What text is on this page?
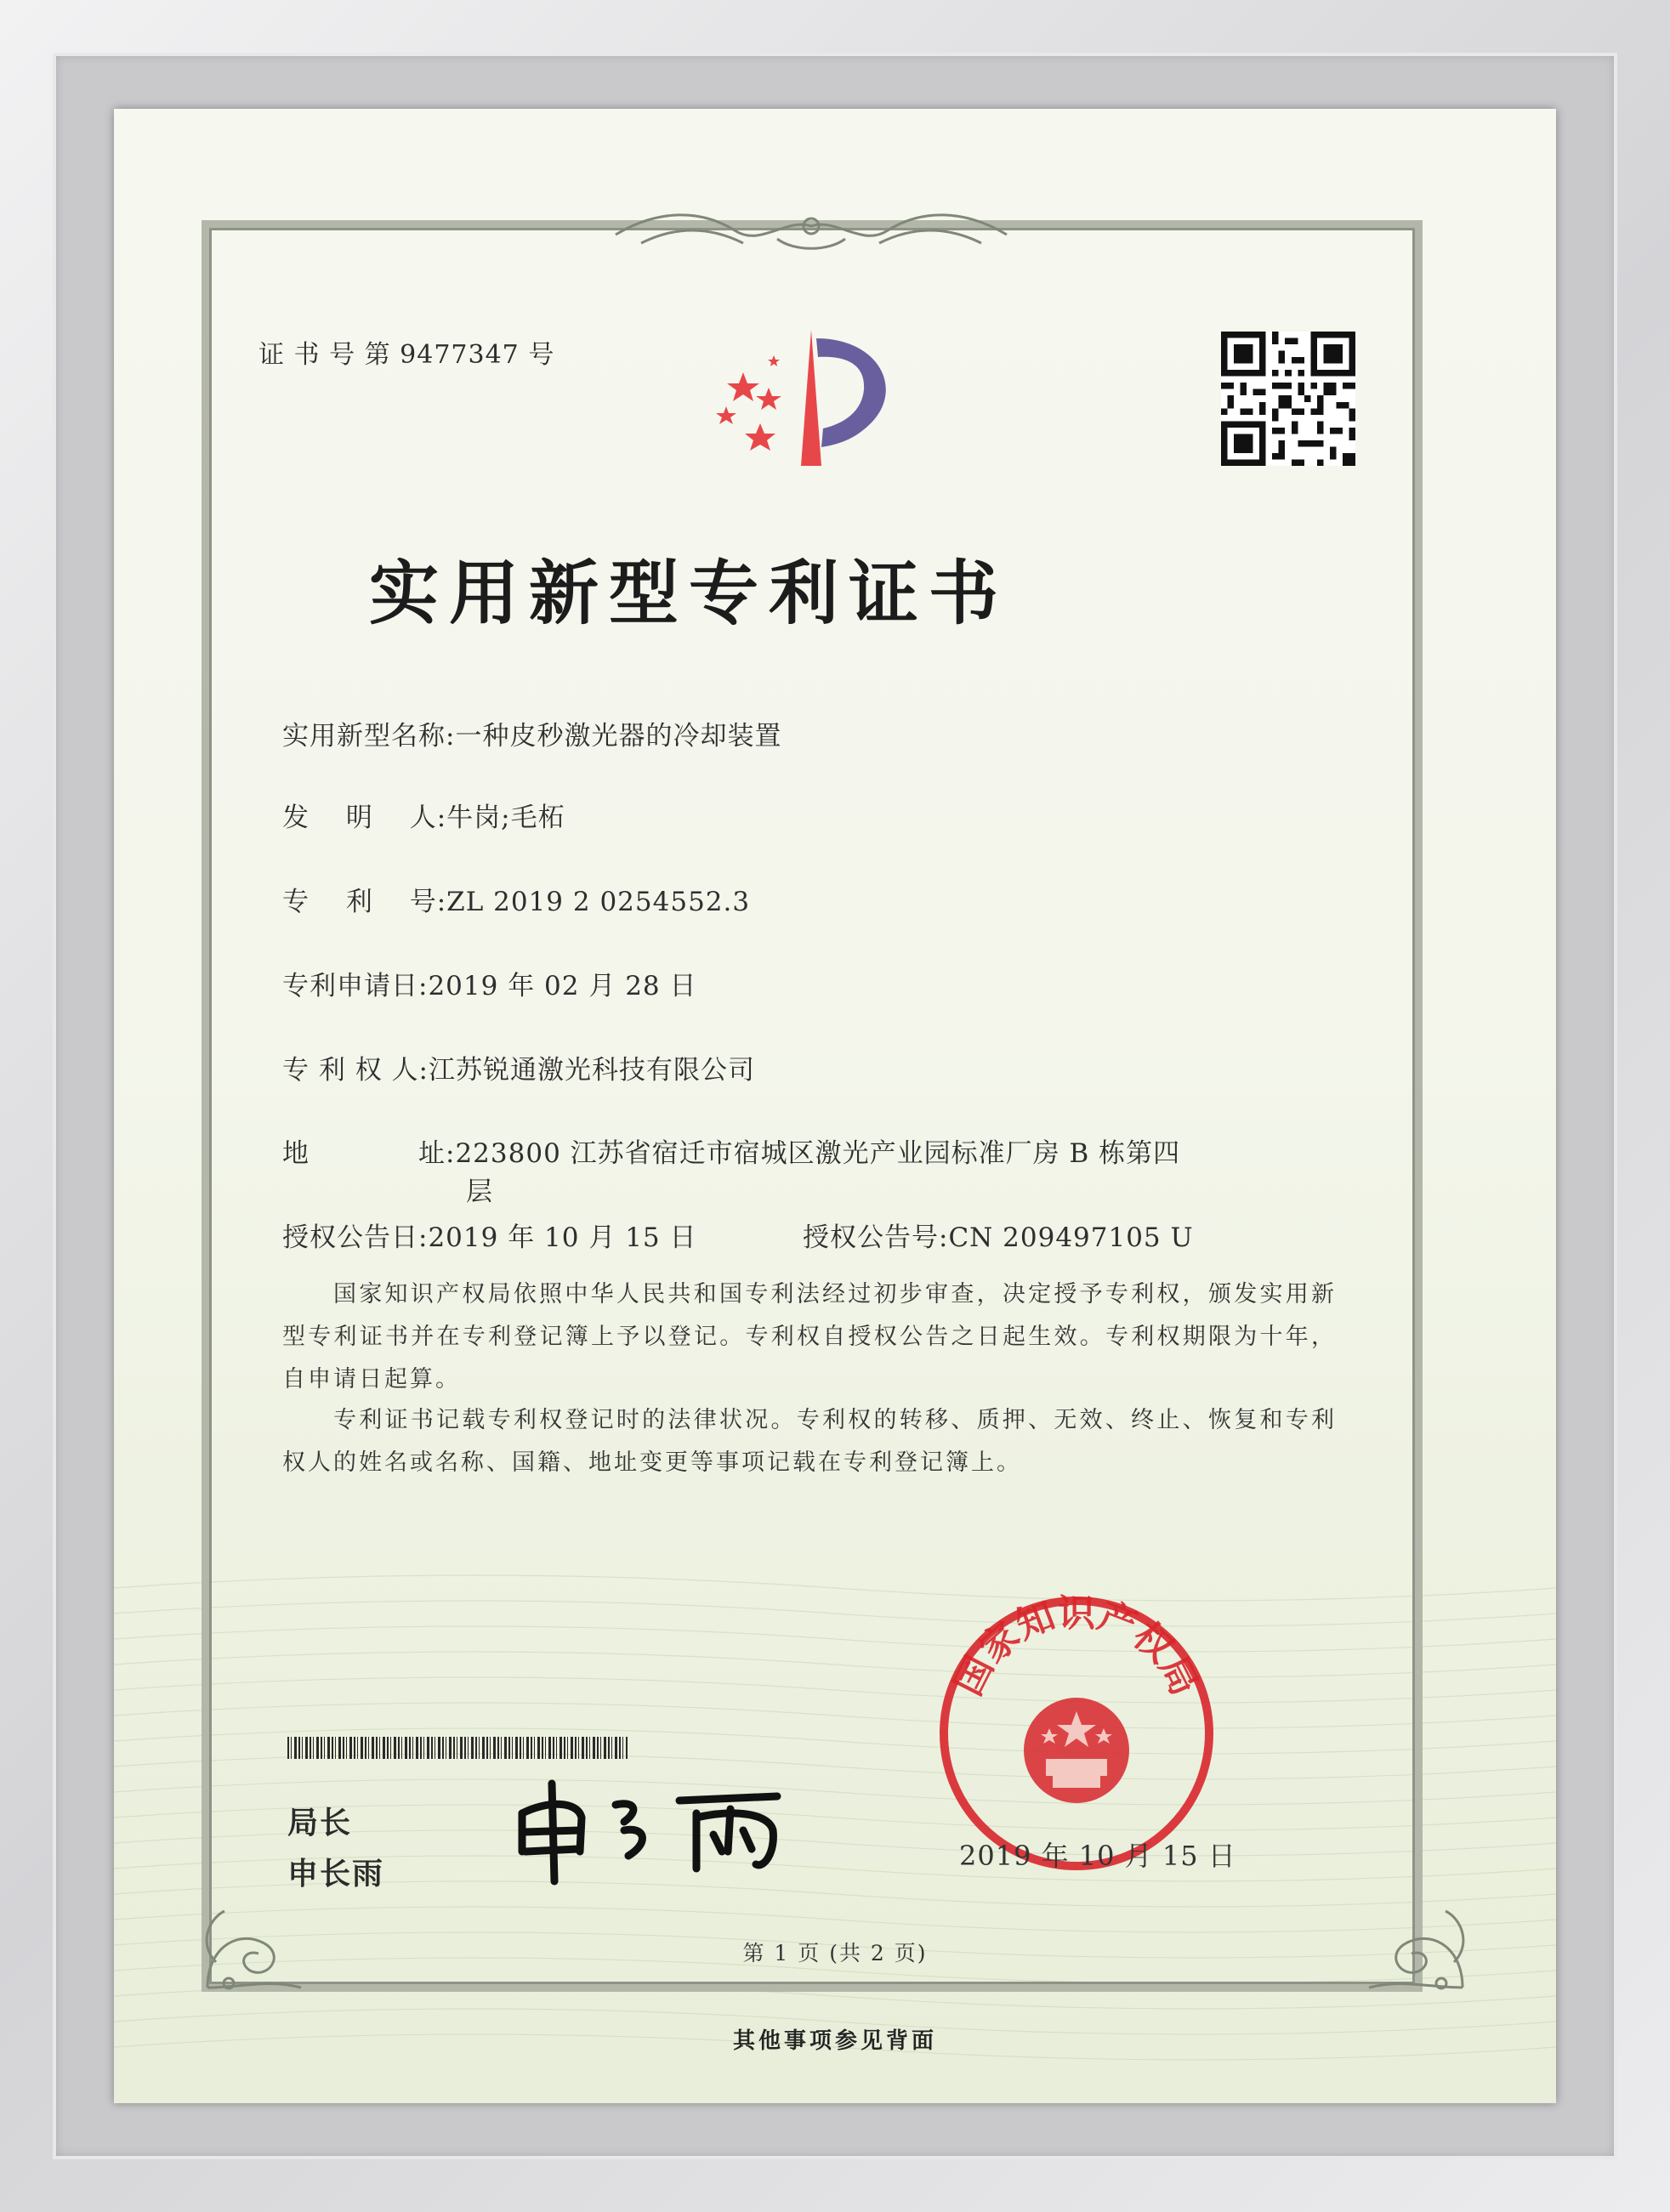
证 书 号 第 9477347 号
实用新型专利证书
实用新型名称:一种皮秒激光器的冷却装置
发　 明　 人:牛岗;毛柘
专　 利　 号:ZL 2019 2 0254552.3
专利申请日:2019 年 02 月 28 日
专 利 权 人:江苏锐通激光科技有限公司
地　　　　址:223800 江苏省宿迁市宿城区激光产业园标准厂房 B 栋第四
层
授权公告日:2019 年 10 月 15 日	授权公告号:CN 209497105 U
国家知识产权局依照中华人民共和国专利法经过初步审查，决定授予专利权，颁发实用新型专利证书并在专利登记簿上予以登记。专利权自授权公告之日起生效。专利权期限为十年，自申请日起算。
专利证书记载专利权登记时的法律状况。专利权的转移、质押、无效、终止、恢复和专利权人的姓名或名称、国籍、地址变更等事项记载在专利登记簿上。
局长
申长雨
国家知识产权局
2019 年 10 月 15 日
第 1 页 (共 2 页)
其他事项参见背面
